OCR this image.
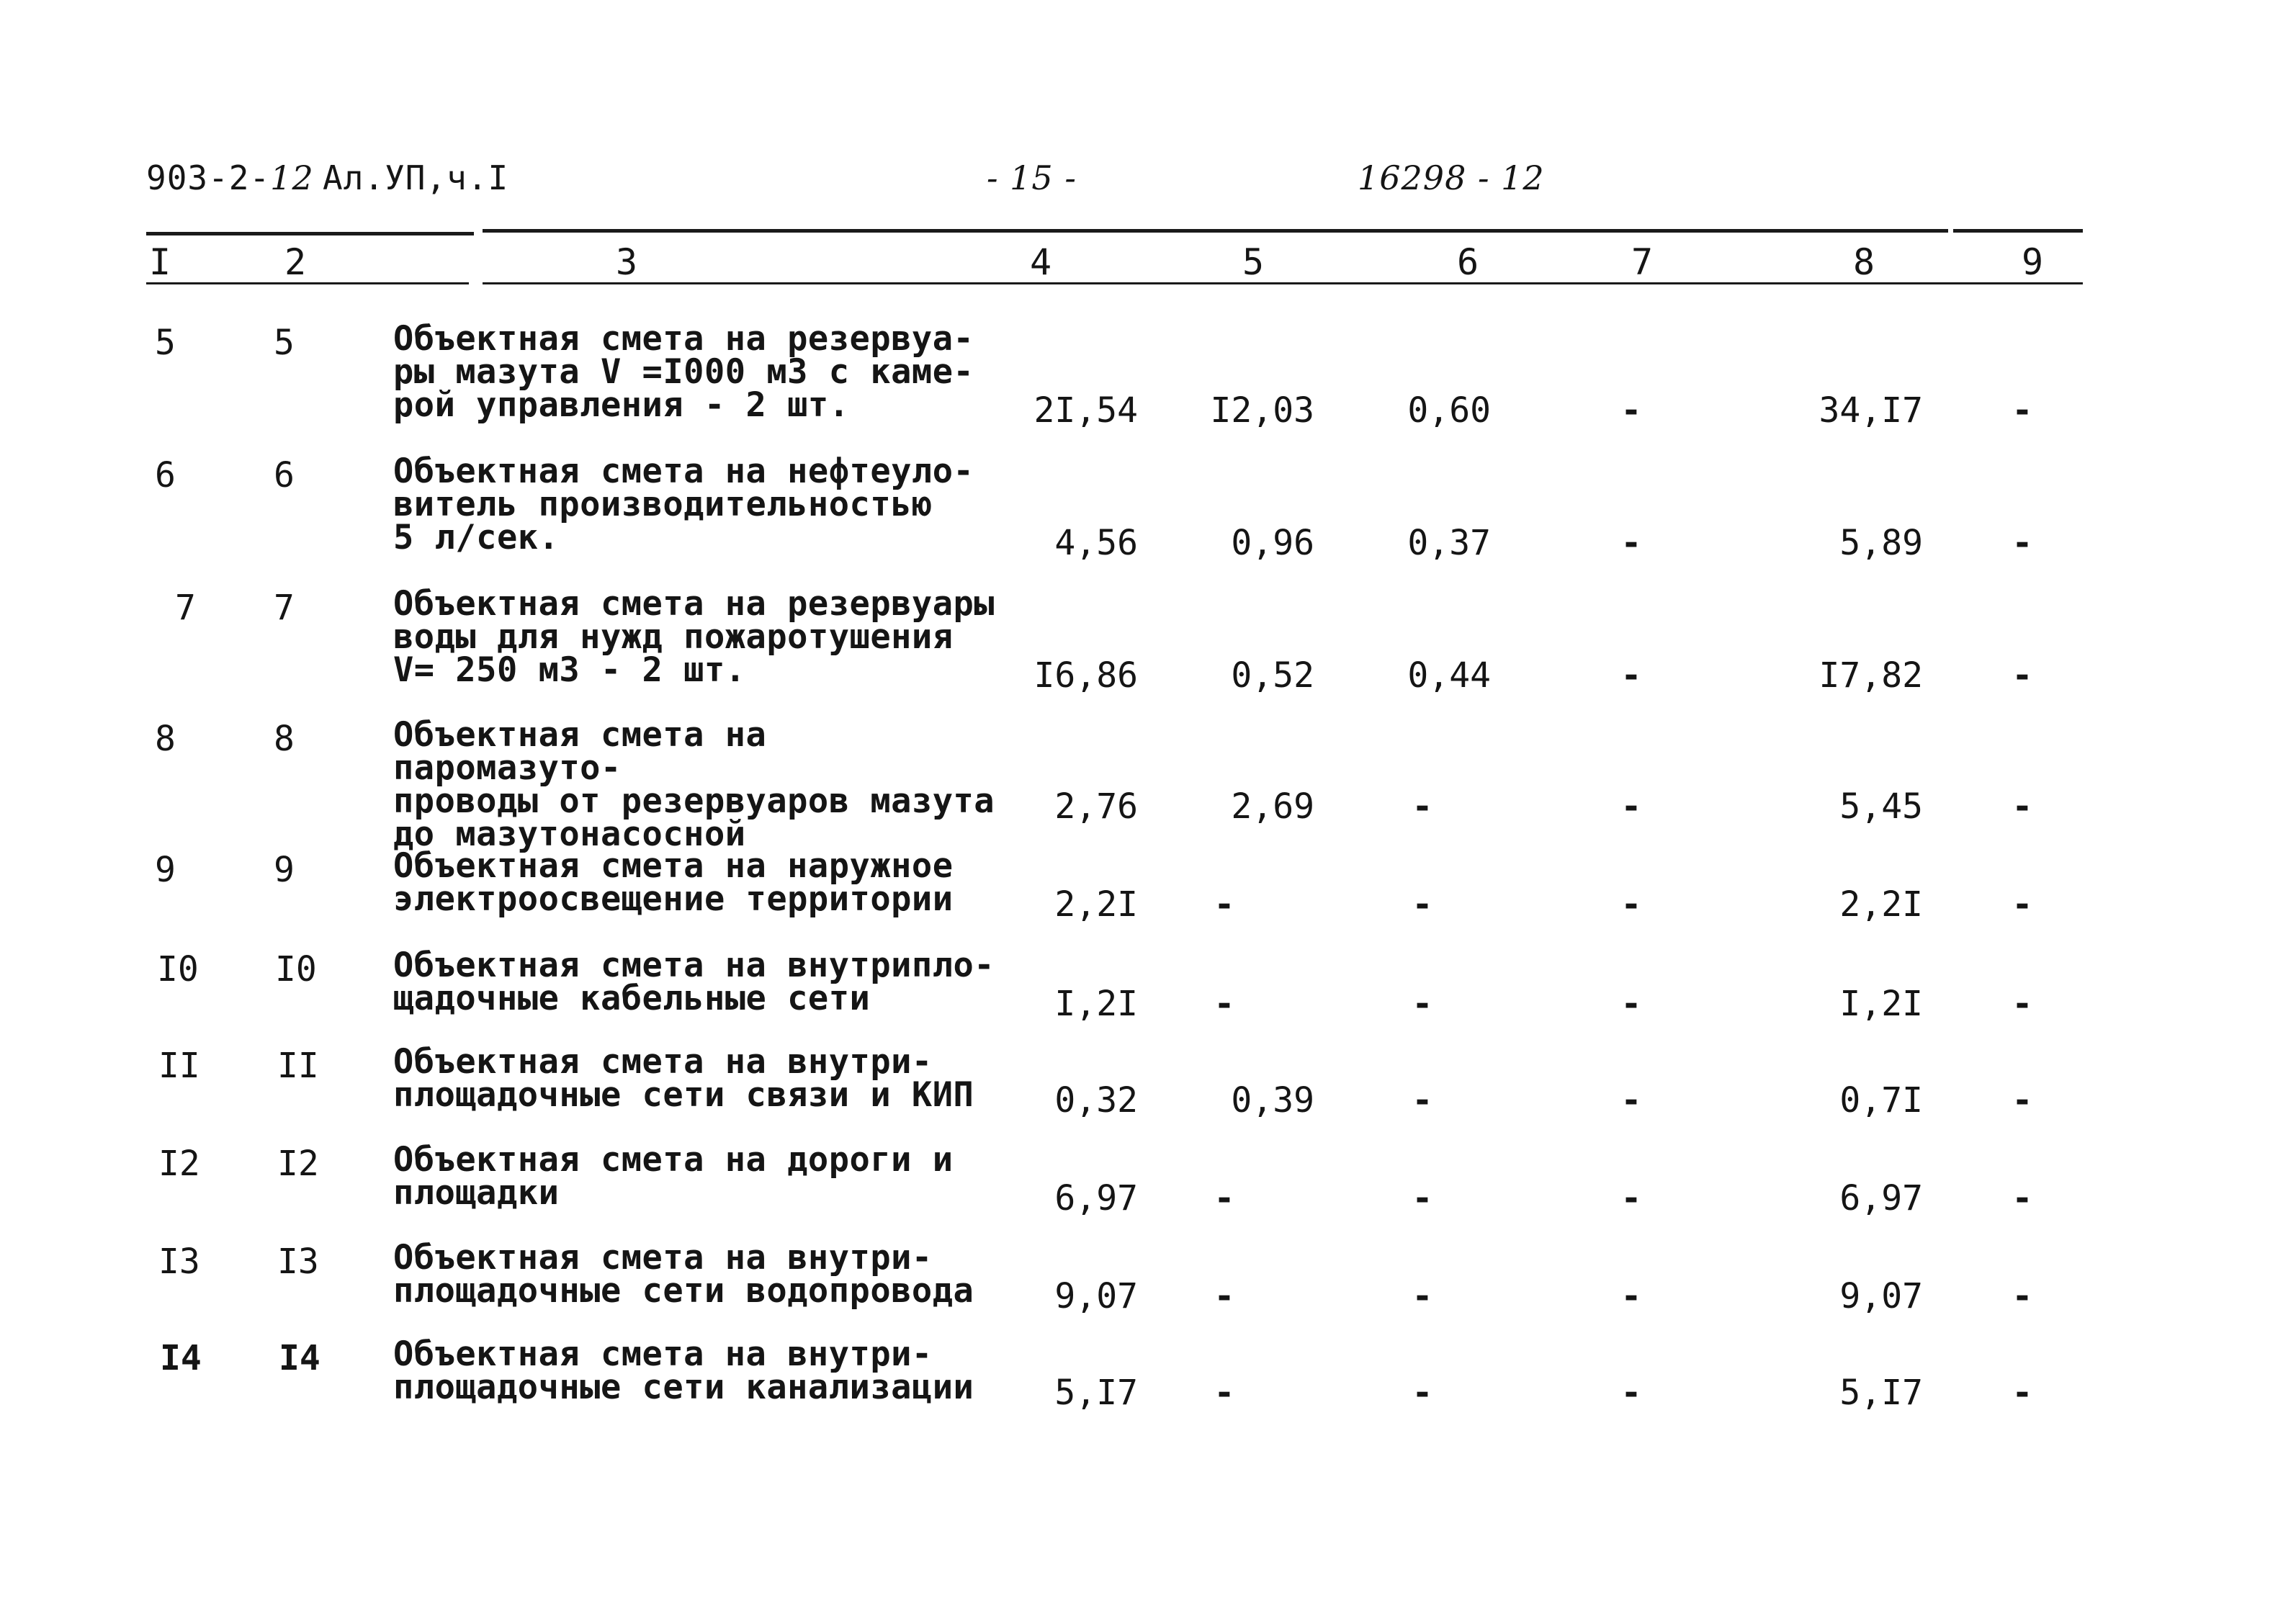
903-2-12 Ал.УП,ч.I	- 15 -	16298 - 12
I	2	3	4	5	6	7	8	9
5	5	Объектная смета на резервуа-
ры мазута V =I000 м3 с каме-
рой управления - 2 шт.	2I,54	I2,03	0,60	-	34,I7	-
6	6	Объектная смета на нефтеуло-
витель производительностью
5 л/сек.	4,56	0,96	0,37	-	5,89	-
7 7	Объектная смета на резервуары
воды для нужд пожаротушения
V= 250 м3 - 2 шт.	I6,86	0,52	0,44	-	I7,82	-
8	8	Объектная смета на паромазуто-
проводы от резервуаров мазута
до мазутонасосной
2,76	2,69	-	-	5,45	-
9	9	Объектная смета на наружное
электроосвещение территории	2,2I	-	-	-	2,2I	-
I0 I0 Объектная смета на внутрипло-
щадочные кабельные сети	I,2I	-	-	-	I,2I	-
II II Объектная смета на внутри-
площадочные сети связи и КИП	0,32	0,39	-	-	0,7I	-
I2 I2 Объектная смета на дороги и
площадки	6,97	-	-	-	6,97	-
I3 I3 Объектная смета на внутри-
площадочные сети водопровода	9,07	-	-	-	9,07	-
I4 I4 Объектная смета на внутри-
площадочные сети канализации	5,I7	-	-	-	5,I7	-
